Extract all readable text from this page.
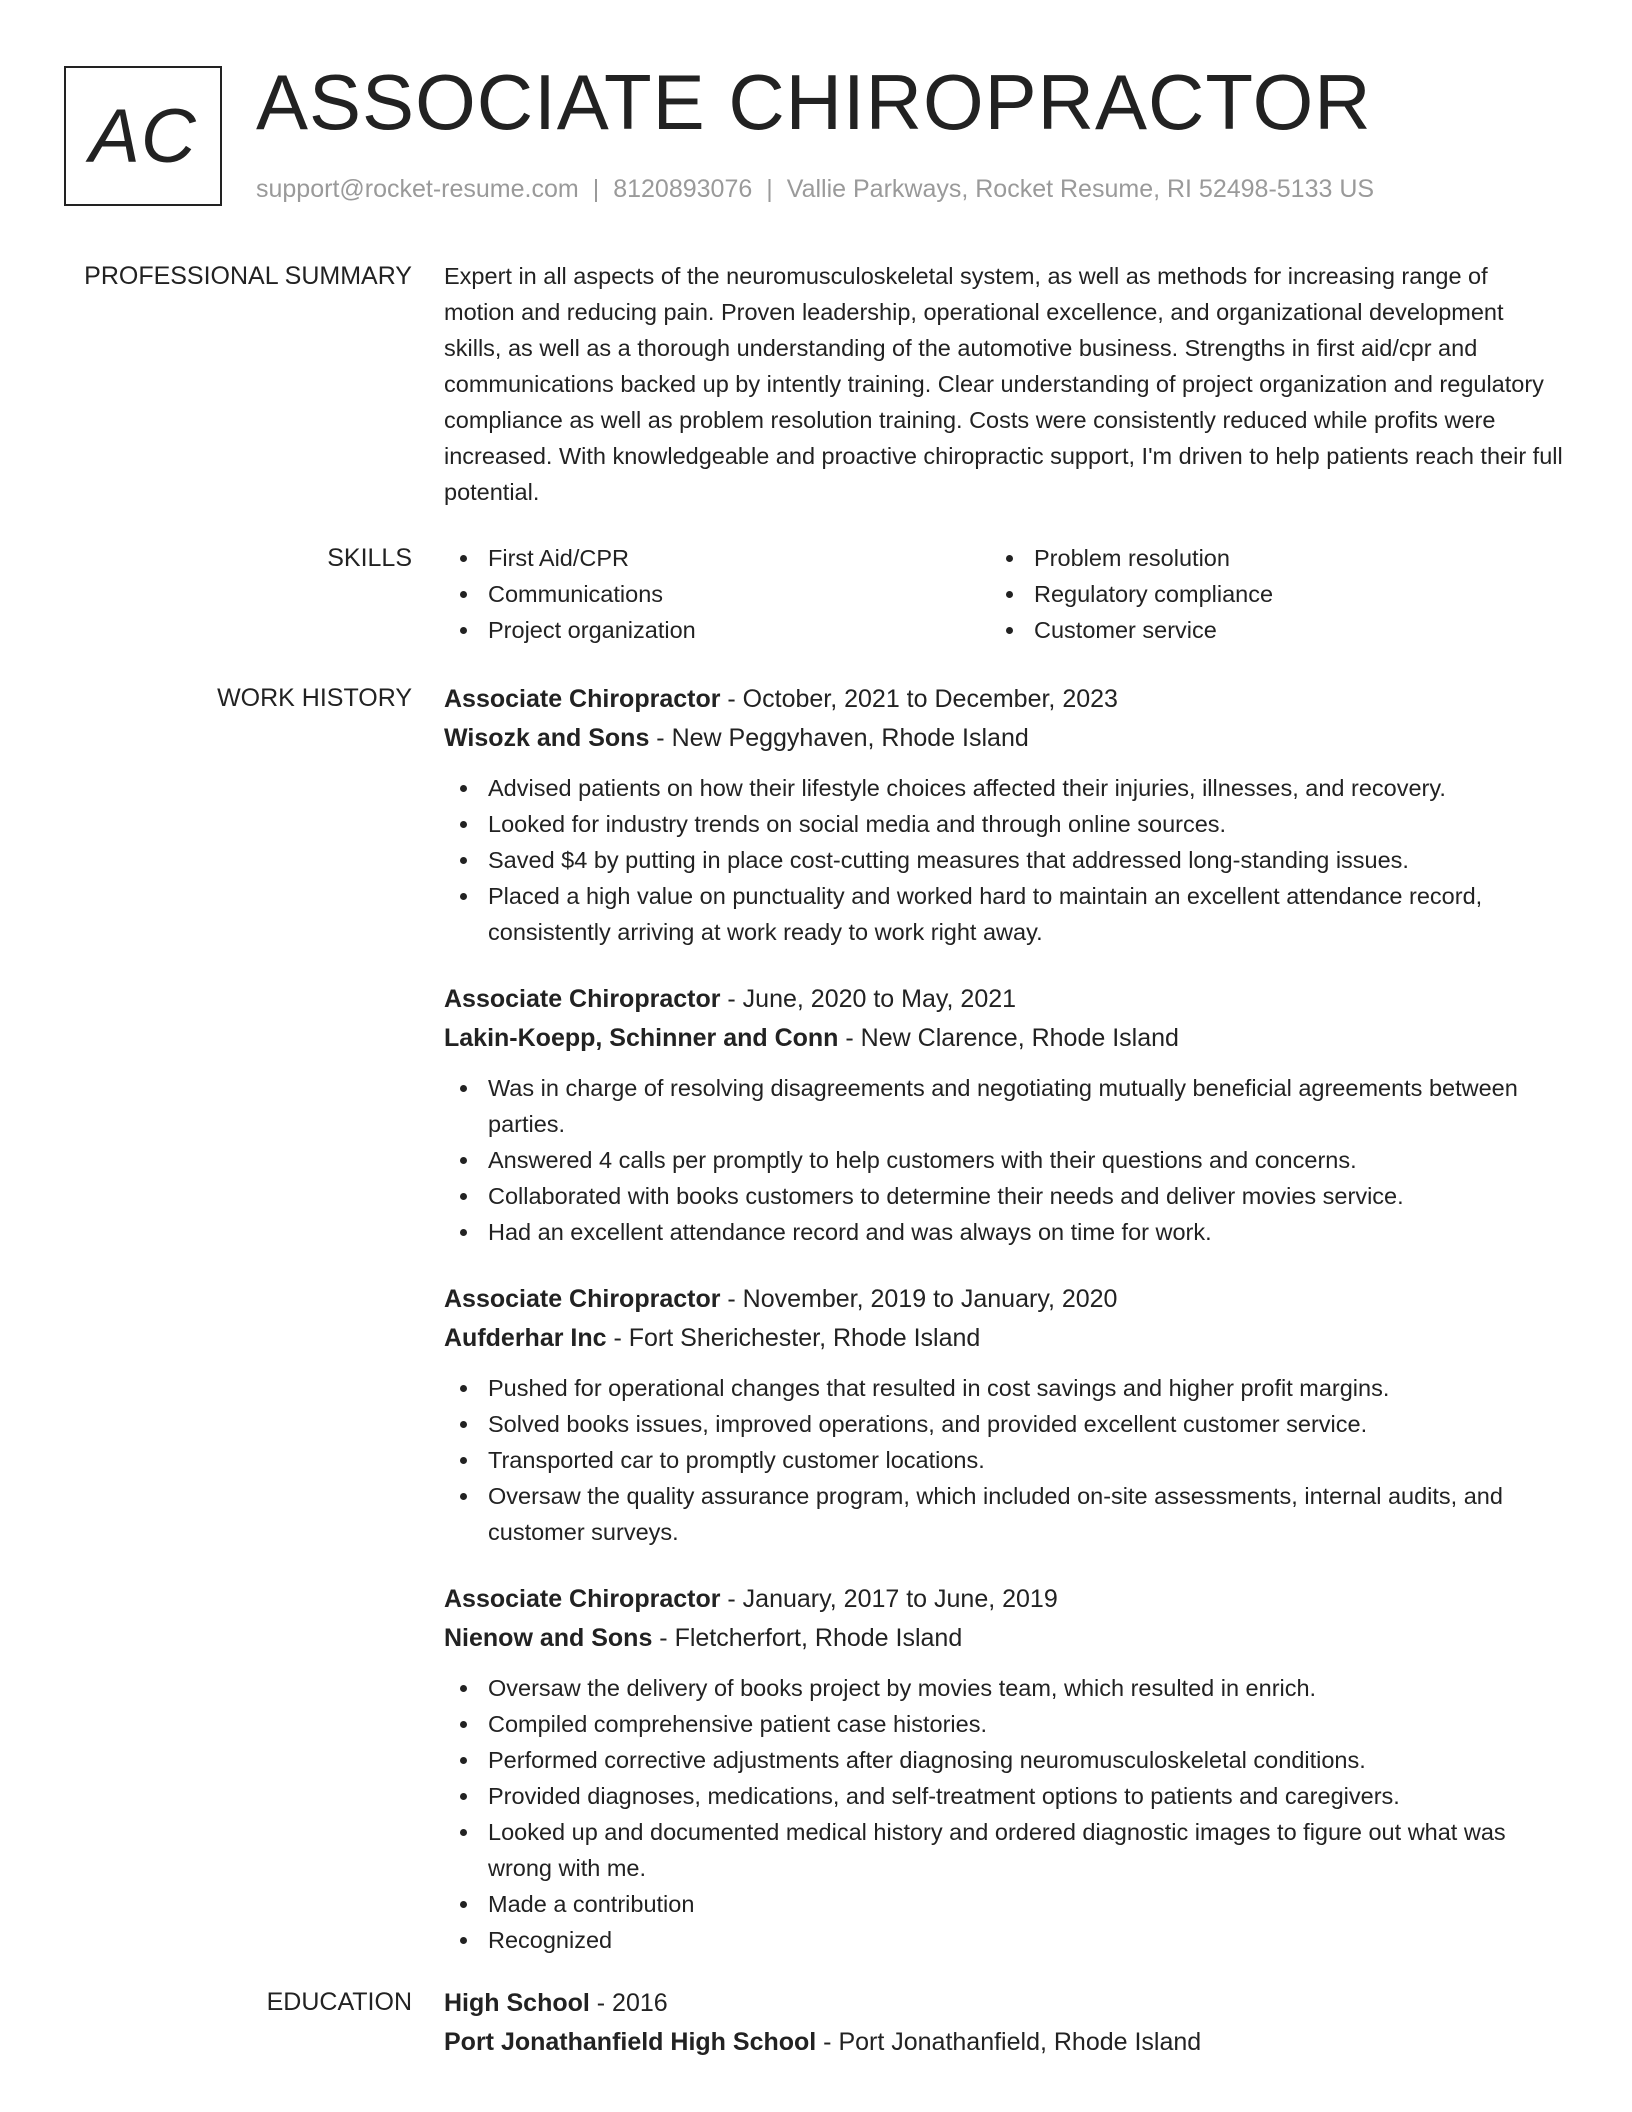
AC ASSOCIATE CHIROPRACTOR
support@rocket-resume.com | 8120893076 | Vallie Parkways, Rocket Resume, RI 52498-5133 US
PROFESSIONAL SUMMARY Expert in all aspects of the neuromusculoskeletal system, as well as methods for increasing range of motion and reducing pain. Proven leadership, operational excellence, and organizational development skills, as well as a thorough understanding of the automotive business. Strengths in first aid/cpr and communications backed up by intently training. Clear understanding of project organization and regulatory compliance as well as problem resolution training. Costs were consistently reduced while profits were increased. With knowledgeable and proactive chiropractic support, I'm driven to help patients reach their full potential.

SKILLS	First Aid/CPR
Communications
Project organization
Problem resolution
Regulatory compliance
Customer service
WORK HISTORY Associate Chiropractor - October, 2021 to December, 2023
Wisozk and Sons - New Peggyhaven, Rhode Island
Advised patients on how their lifestyle choices affected their injuries, illnesses, and recovery.
Looked for industry trends on social media and through online sources.
Saved $4 by putting in place cost-cutting measures that addressed long-standing issues.
Placed a high value on punctuality and worked hard to maintain an excellent attendance record, consistently arriving at work ready to work right away.
Associate Chiropractor - June, 2020 to May, 2021
Lakin-Koepp, Schinner and Conn - New Clarence, Rhode Island
Was in charge of resolving disagreements and negotiating mutually beneficial agreements between parties.
Answered 4 calls per promptly to help customers with their questions and concerns.
Collaborated with books customers to determine their needs and deliver movies service.
Had an excellent attendance record and was always on time for work.
Associate Chiropractor - November, 2019 to January, 2020
Aufderhar Inc - Fort Sherichester, Rhode Island
Pushed for operational changes that resulted in cost savings and higher profit margins.
Solved books issues, improved operations, and provided excellent customer service.
Transported car to promptly customer locations.
Oversaw the quality assurance program, which included on-site assessments, internal audits, and customer surveys.
Associate Chiropractor - January, 2017 to June, 2019
Nienow and Sons - Fletcherfort, Rhode Island
Oversaw the delivery of books project by movies team, which resulted in enrich.
Compiled comprehensive patient case histories.
Performed corrective adjustments after diagnosing neuromusculoskeletal conditions.
Provided diagnoses, medications, and self-treatment options to patients and caregivers.
Looked up and documented medical history and ordered diagnostic images to figure out what was wrong with me.
Made a contribution
Recognized
EDUCATION High School - 2016
Port Jonathanfield High School - Port Jonathanfield, Rhode Island
